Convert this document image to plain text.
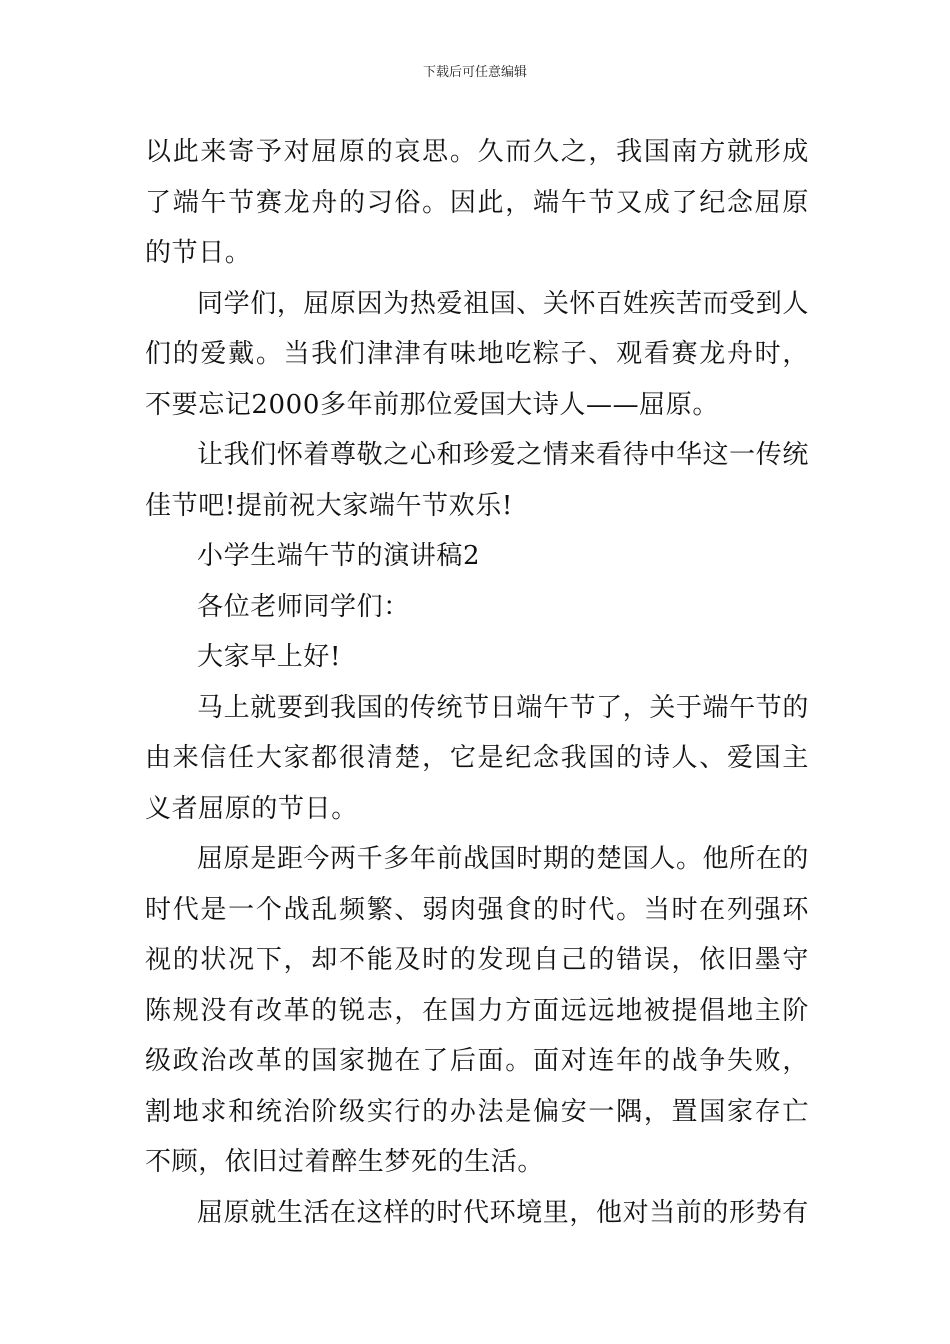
下载后可任意编辑

以此来寄予对屈原的哀思。久而久之，我国南方就形成了端午节赛龙舟的习俗。因此，端午节又成了纪念屈原的节日。

同学们，屈原因为热爱祖国、关怀百姓疾苦而受到人们的爱戴。当我们津津有味地吃粽子、观看赛龙舟时，不要忘记2000多年前那位爱国大诗人——屈原。

让我们怀着尊敬之心和珍爱之情来看待中华这一传统佳节吧!提前祝大家端午节欢乐!

小学生端午节的演讲稿2

各位老师同学们：

大家早上好!

马上就要到我国的传统节日端午节了，关于端午节的由来信任大家都很清楚，它是纪念我国的诗人、爱国主义者屈原的节日。

屈原是距今两千多年前战国时期的楚国人。他所在的时代是一个战乱频繁、弱肉强食的时代。当时在列强环视的状况下，却不能及时的发现自己的错误，依旧墨守陈规没有改革的锐志，在国力方面远远地被提倡地主阶级政治改革的国家抛在了后面。面对连年的战争失败，割地求和统治阶级实行的办法是偏安一隅，置国家存亡不顾，依旧过着醉生梦死的生活。

屈原就生活在这样的时代环境里，他对当前的形势有
